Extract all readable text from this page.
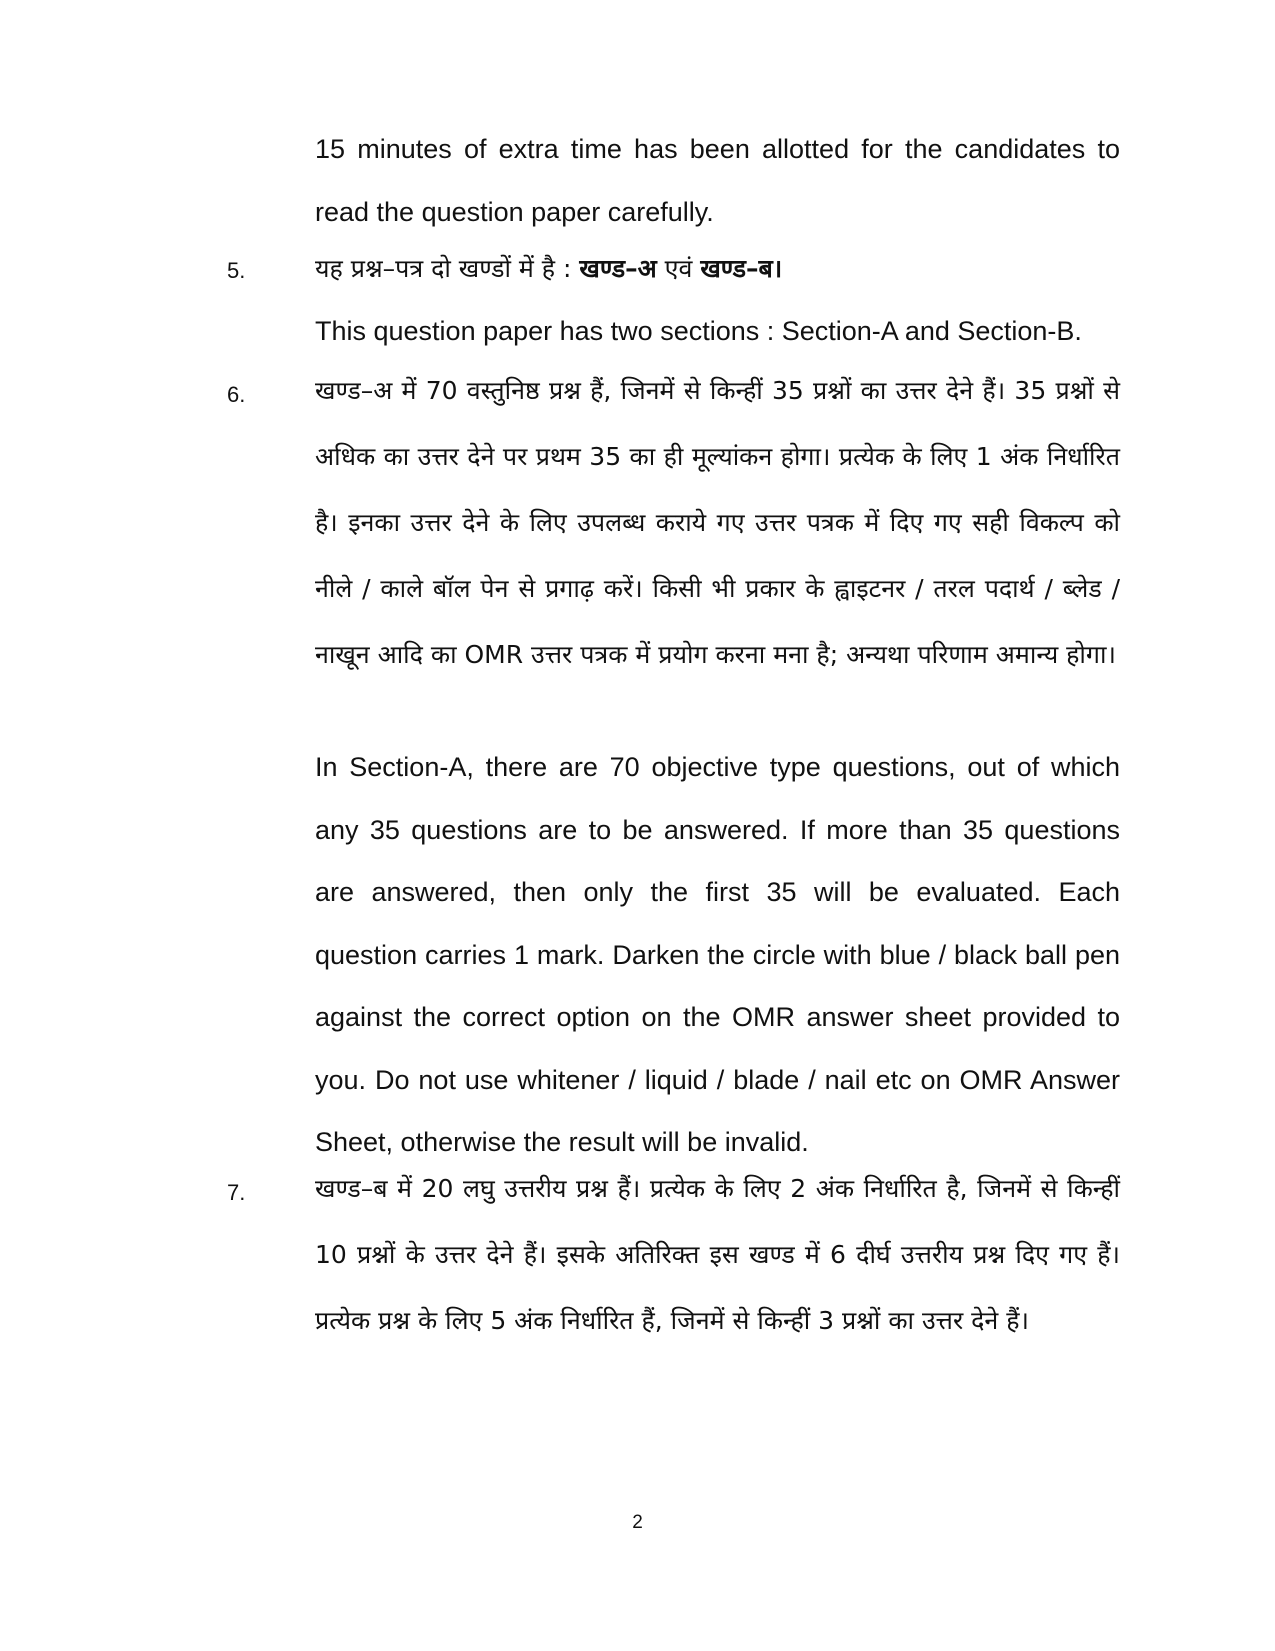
15 minutes of extra time has been allotted for the candidates to read the question paper carefully.

5.	यह प्रश्न–पत्र दो खण्डों में है : खण्ड–अ एवं खण्ड–ब।

This question paper has two sections : Section-A and Section-B.

6.	खण्ड–अ में 70 वस्तुनिष्ठ प्रश्न हैं, जिनमें से किन्हीं 35 प्रश्नों का उत्तर देने हैं। 35 प्रश्नों से अधिक का उत्तर देने पर प्रथम 35 का ही मूल्यांकन होगा। प्रत्येक के लिए 1 अंक निर्धारित है। इनका उत्तर देने के लिए उपलब्ध कराये गए उत्तर पत्रक में दिए गए सही विकल्प को नीले / काले बॉल पेन से प्रगाढ़ करें। किसी भी प्रकार के ह्वाइटनर / तरल पदार्थ / ब्लेड / नाखून आदि का OMR उत्तर पत्रक में प्रयोग करना मना है; अन्यथा परिणाम अमान्य होगा।

In Section-A, there are 70 objective type questions, out of which any 35 questions are to be answered. If more than 35 questions are answered, then only the first 35 will be evaluated. Each question carries 1 mark. Darken the circle with blue / black ball pen against the correct option on the OMR answer sheet provided to you. Do not use whitener / liquid / blade / nail etc on OMR Answer Sheet, otherwise the result will be invalid.

7.	खण्ड–ब में 20 लघु उत्तरीय प्रश्न हैं। प्रत्येक के लिए 2 अंक निर्धारित है, जिनमें से किन्हीं 10 प्रश्नों के उत्तर देने हैं। इसके अतिरिक्त इस खण्ड में 6 दीर्घ उत्तरीय प्रश्न दिए गए हैं। प्रत्येक प्रश्न के लिए 5 अंक निर्धारित हैं, जिनमें से किन्हीं 3 प्रश्नों का उत्तर देने हैं।

2
